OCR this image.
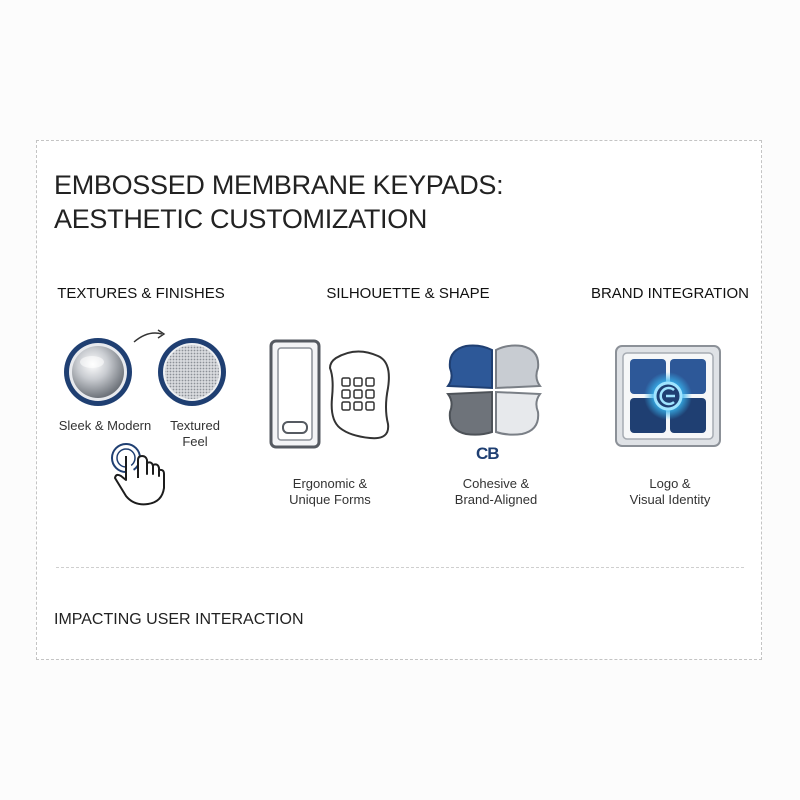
EMBOSSED MEMBRANE KEYPADS:
AESTHETIC CUSTOMIZATION
TEXTURES & FINISHES	SILHOUETTE & SHAPE	BRAND INTEGRATION
Sleek & Modern	Textured
Feel
CB
Ergonomic &
Unique Forms
Cohesive &
Brand-Aligned
Logo &
Visual Identity
IMPACTING USER INTERACTION
